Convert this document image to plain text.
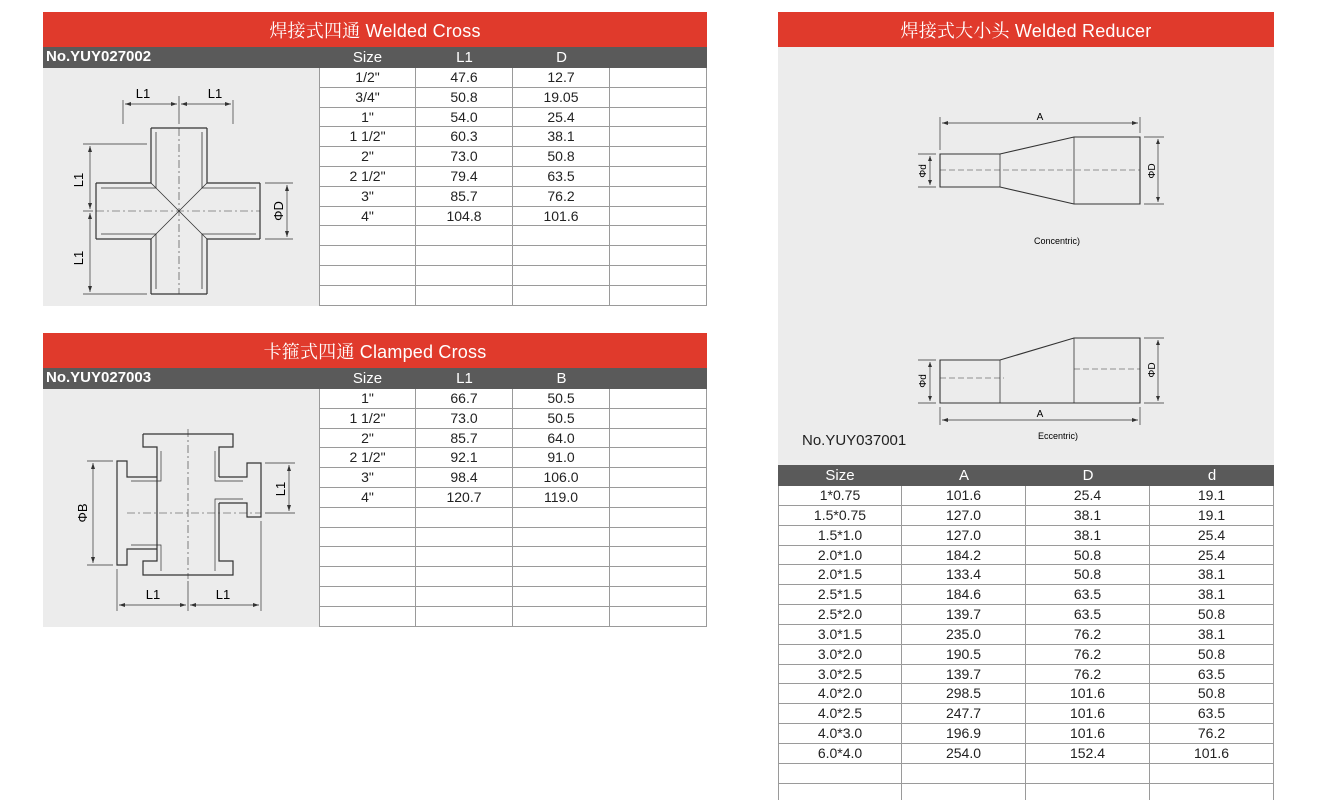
焊接式四通 Welded Cross
No.YUY027002	Size	L1	D
L1	L1
L1
L1
ΦD
1/2"	47.6	12.7
3/4"	50.8	19.05
1"	54.0	25.4
1 1/2"	60.3	38.1
2"	73.0	50.8
2 1/2"	79.4	63.5
3"	85.7	76.2
4"	104.8	101.6
卡箍式四通 Clamped Cross
No.YUY027003	Size	L1	B
L1	L1
L1
ΦB
1"	66.7	50.5
1 1/2"	73.0	50.5
2"	85.7	64.0
2 1/2"	92.1	91.0
3"	98.4	106.0
4"	120.7	119.0
焊接式大小头 Welded Reducer
A
Φd	ΦD
Concentric)
A
Φd
ΦD
Eccentric)
No.YUY037001
Size	A	D	d
1*0.75	101.6	25.4	19.1
1.5*0.75	127.0	38.1	19.1
1.5*1.0	127.0	38.1	25.4
2.0*1.0	184.2	50.8	25.4
2.0*1.5	133.4	50.8	38.1
2.5*1.5	184.6	63.5	38.1
2.5*2.0	139.7	63.5	50.8
3.0*1.5	235.0	76.2	38.1
3.0*2.0	190.5	76.2	50.8
3.0*2.5	139.7	76.2	63.5
4.0*2.0	298.5	101.6	50.8
4.0*2.5	247.7	101.6	63.5
4.0*3.0	196.9	101.6	76.2
6.0*4.0	254.0	152.4	101.6
